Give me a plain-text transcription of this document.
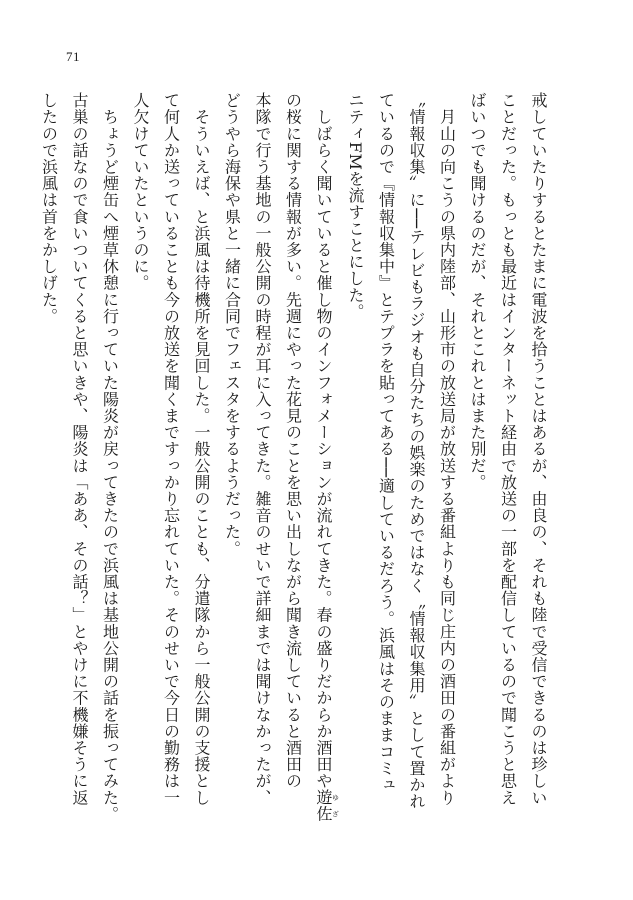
71
戒していたりするとたまに電波を拾うことはあるが、由良の、それも陸で受信できるのは珍しい
ことだった。もっとも最近はインターネット経由で放送の一部を配信しているので聞こうと思え
ばいつでも聞けるのだが、それとこれとはまた別だ。
　月山の向こうの県内陸部、山形市の放送局が放送する番組よりも同じ庄内の酒田の番組がより
〝情報収集〟に──テレビもラジオも自分たちの娯楽のためではなく〝情報収集用〟として置かれ
ているので『情報収集中』とテプラを貼ってある──適しているだろう。浜風はそのままコミュ
ニティFMを流すことにした。
　しばらく聞いていると催し物のインフォメーションが流れてきた。春の盛りだからか酒田や遊佐ゆざ
の桜に関する情報が多い。先週にやった花見のことを思い出しながら聞き流していると酒田の
本隊で行う基地の一般公開の時程が耳に入ってきた。雑音のせいで詳細までは聞けなかったが、
どうやら海保や県と一緒に合同でフェスタをするようだった。
　そういえば、と浜風は待機所を見回した。一般公開のことも、分遣隊から一般公開の支援とし
て何人か送っていることも今の放送を聞くまですっかり忘れていた。そのせいで今日の勤務は一
人欠けていたというのに。
　ちょうど煙缶へ煙草休憩に行っていた陽炎が戻ってきたので浜風は基地公開の話を振ってみた。
古巣の話なので食いついてくると思いきや、陽炎は「ああ、その話？」とやけに不機嫌そうに返
したので浜風は首をかしげた。
